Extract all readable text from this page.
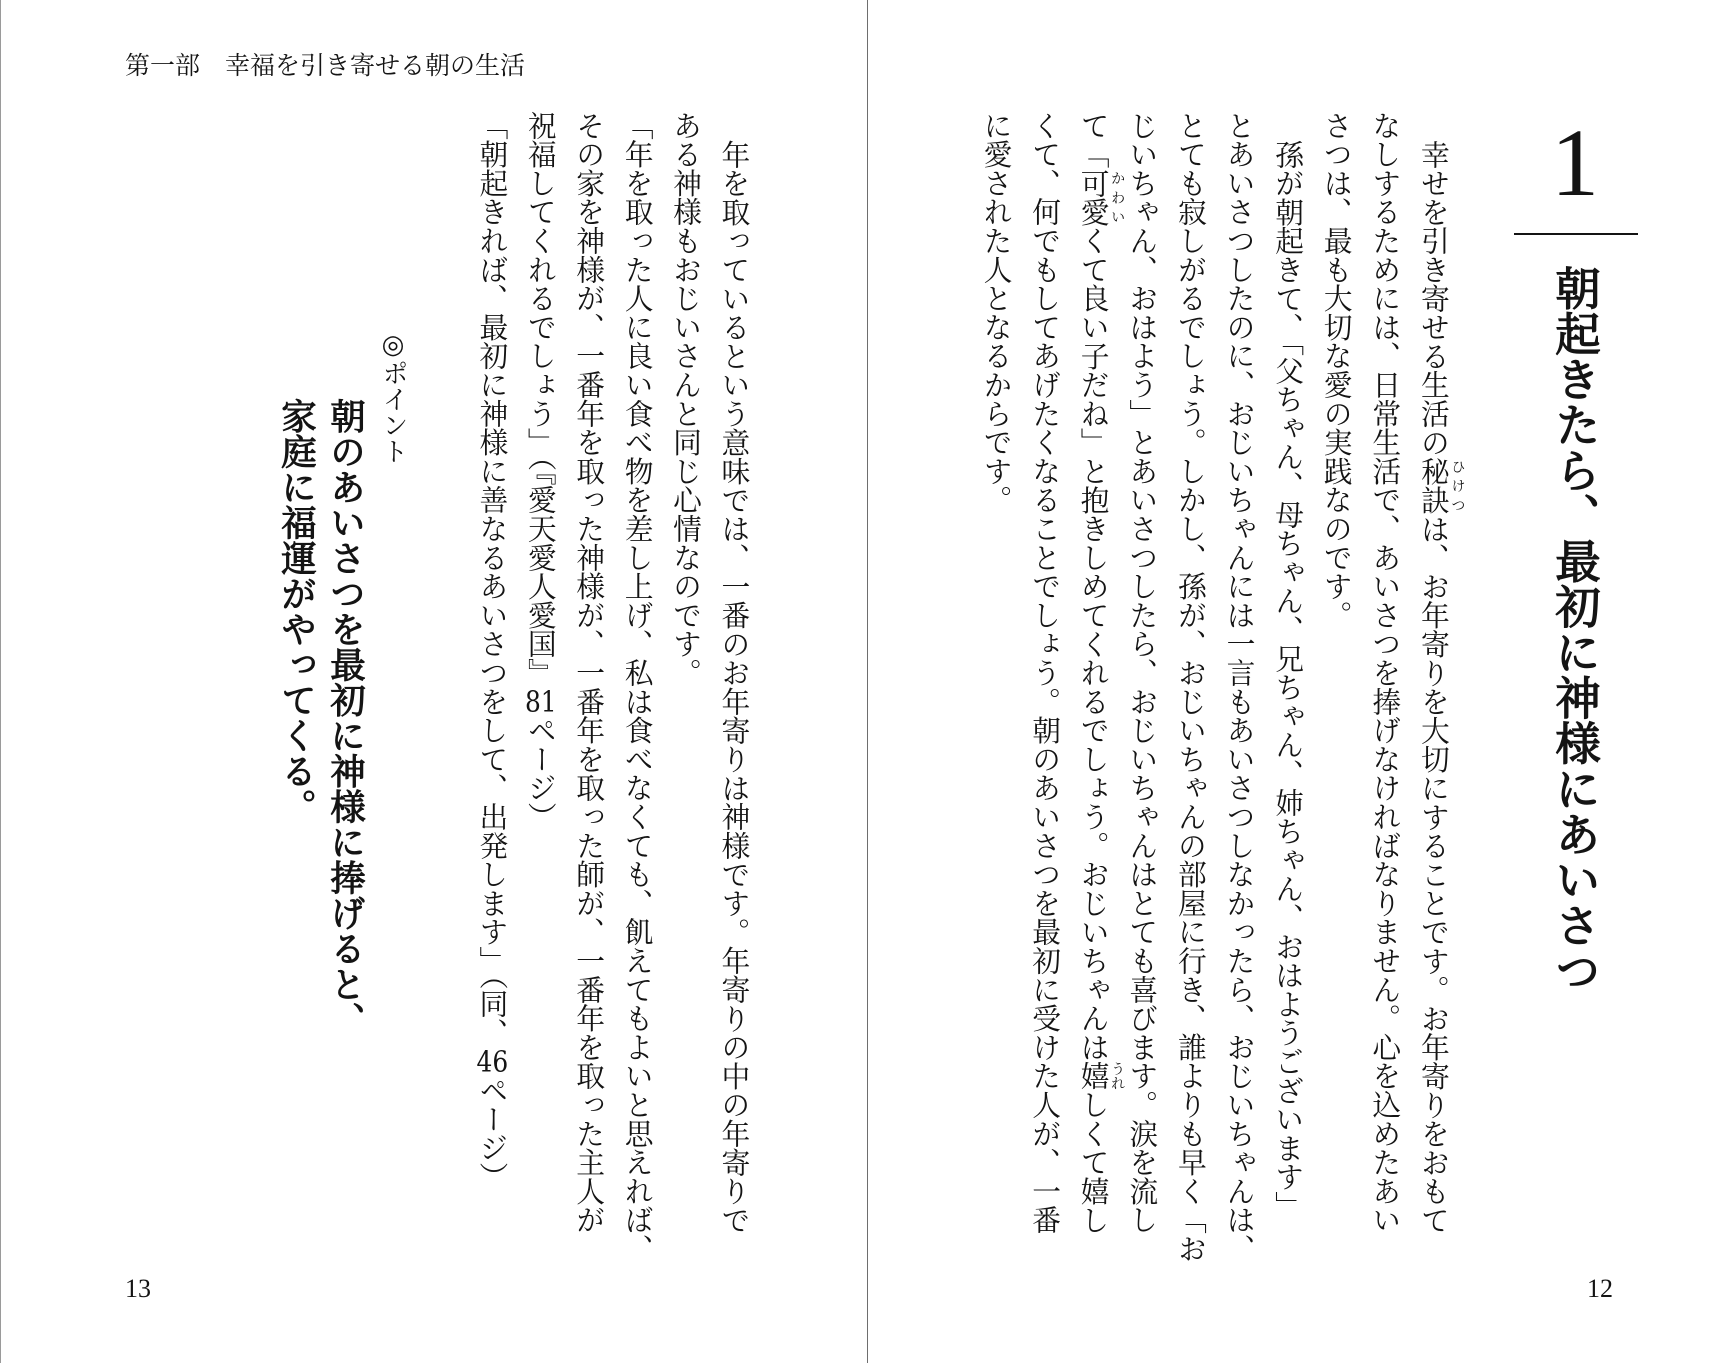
第一部　幸福を引き寄せる朝の生活
年を取っているという意味では、一番のお年寄りは神様です。年寄りの中の年寄りで
ある神様もおじいさんと同じ心情なのです。
「年を取った人に良い食べ物を差し上げ、私は食べなくても、飢えてもよいと思えれば、
その家を神様が、一番年を取った神様が、一番年を取った師が、一番年を取った主人が
祝福してくれるでしょう」（『愛天愛人愛国』81ページ）
「朝起きれば、最初に神様に善なるあいさつをして、出発します」（同、46ページ）
◎ポイント
朝のあいさつを最初に神様に捧げると、
家庭に福運がやってくる。
13
1
朝起きたら、最初に神様にあいさつ
幸せを引き寄せる生活の秘訣ひけつは、お年寄りを大切にすることです。お年寄りをおもて
なしするためには、日常生活で、あいさつを捧げなければなりません。心を込めたあい
さつは、最も大切な愛の実践なのです。
孫が朝起きて、「父ちゃん、母ちゃん、兄ちゃん、姉ちゃん、おはようございます」
とあいさつしたのに、おじいちゃんには一言もあいさつしなかったら、おじいちゃんは、
とても寂しがるでしょう。しかし、孫が、おじいちゃんの部屋に行き、誰よりも早く「お
じいちゃん、おはよう」とあいさつしたら、おじいちゃんはとても喜びます。涙を流し
て「可愛かわいくて良い子だね」と抱きしめてくれるでしょう。おじいちゃんは嬉うれしくて嬉し
くて、何でもしてあげたくなることでしょう。朝のあいさつを最初に受けた人が、一番
に愛された人となるからです。
12
